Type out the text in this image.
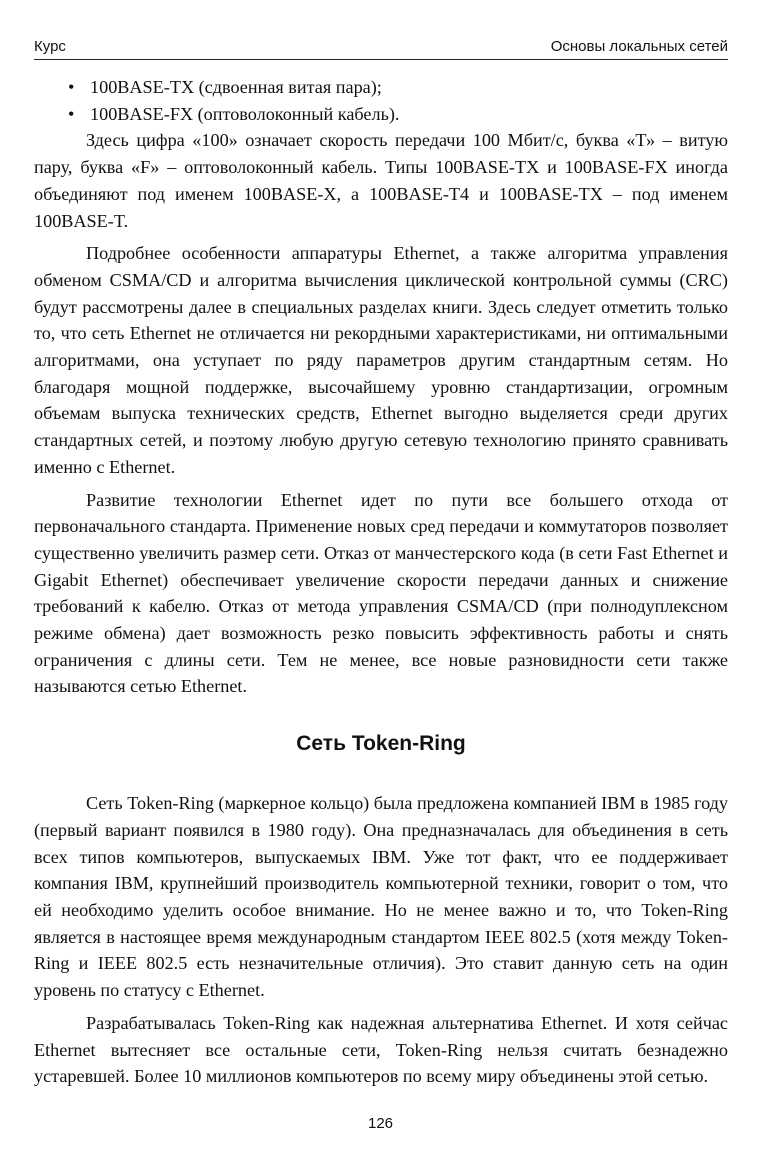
Курс	Основы локальных сетей
• 100BASE-TX (сдвоенная витая пара);
• 100BASE-FX (оптоволоконный кабель).

Здесь цифра «100» означает скорость передачи 100 Мбит/с, буква «Т» – витую пару, буква «F» – оптоволоконный кабель. Типы 100BASE-TX и 100BASE-FX иногда объединяют под именем 100BASE-X, а 100BASE-T4 и 100BASE-TX – под именем 100BASE-T.

Подробнее особенности аппаратуры Ethernet, а также алгоритма управления обменом CSMA/CD и алгоритма вычисления циклической контрольной суммы (CRC) будут рассмотрены далее в специальных разделах книги. Здесь следует отметить только то, что сеть Ethernet не отличается ни рекордными характеристиками, ни оптимальными алгоритмами, она уступает по ряду параметров другим стандартным сетям. Но благодаря мощной поддержке, высочайшему уровню стандартизации, огромным объемам выпуска технических средств, Ethernet выгодно выделяется среди других стандартных сетей, и поэтому любую другую сетевую технологию принято сравнивать именно с Ethernet.

Развитие технологии Ethernet идет по пути все большего отхода от первоначального стандарта. Применение новых сред передачи и коммутаторов позволяет существенно увеличить размер сети. Отказ от манчестерского кода (в сети Fast Ethernet и Gigabit Ethernet) обеспечивает увеличение скорости передачи данных и снижение требований к кабелю. Отказ от метода управления CSMA/CD (при полнодуплексном режиме обмена) дает возможность резко повысить эффективность работы и снять ограничения с длины сети. Тем не менее, все новые разновидности сети также называются сетью Ethernet.

Сеть Token-Ring

Сеть Token-Ring (маркерное кольцо) была предложена компанией IBM в 1985 году (первый вариант появился в 1980 году). Она предназначалась для объединения в сеть всех типов компьютеров, выпускаемых IBM. Уже тот факт, что ее поддерживает компания IBM, крупнейший производитель компьютерной техники, говорит о том, что ей необходимо уделить особое внимание. Но не менее важно и то, что Token-Ring является в настоящее время международным стандартом IEEE 802.5 (хотя между Token-Ring и IEEE 802.5 есть незначительные отличия). Это ставит данную сеть на один уровень по статусу с Ethernet.

Разрабатывалась Token-Ring как надежная альтернатива Ethernet. И хотя сейчас Ethernet вытесняет все остальные сети, Token-Ring нельзя считать безнадежно устаревшей. Более 10 миллионов компьютеров по всему миру объединены этой сетью.

126
